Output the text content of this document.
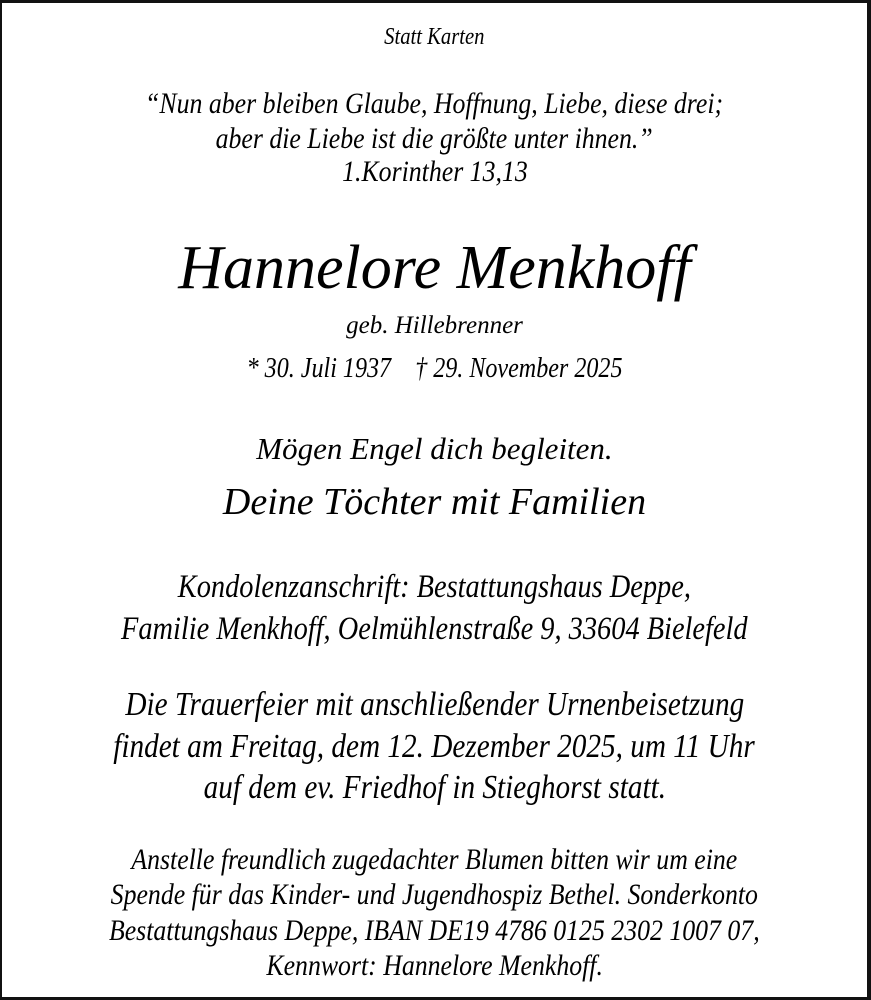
Statt Karten
“Nun aber bleiben Glaube, Hoffnung, Liebe, diese drei;
aber die Liebe ist die größte unter ihnen.”
1.Korinther 13,13
Hannelore Menkhoff
geb. Hillebrenner
* 30. Juli 1937 † 29. November 2025
Mögen Engel dich begleiten.
Deine Töchter mit Familien
Kondolenzanschrift: Bestattungshaus Deppe,
Familie Menkhoff, Oelmühlenstraße 9, 33604 Bielefeld
Die Trauerfeier mit anschließender Urnenbeisetzung
findet am Freitag, dem 12. Dezember 2025, um 11 Uhr
auf dem ev. Friedhof in Stieghorst statt.
Anstelle freundlich zugedachter Blumen bitten wir um eine
Spende für das Kinder- und Jugendhospiz Bethel. Sonderkonto
Bestattungshaus Deppe, IBAN DE19 4786 0125 2302 1007 07,
Kennwort: Hannelore Menkhoff.
